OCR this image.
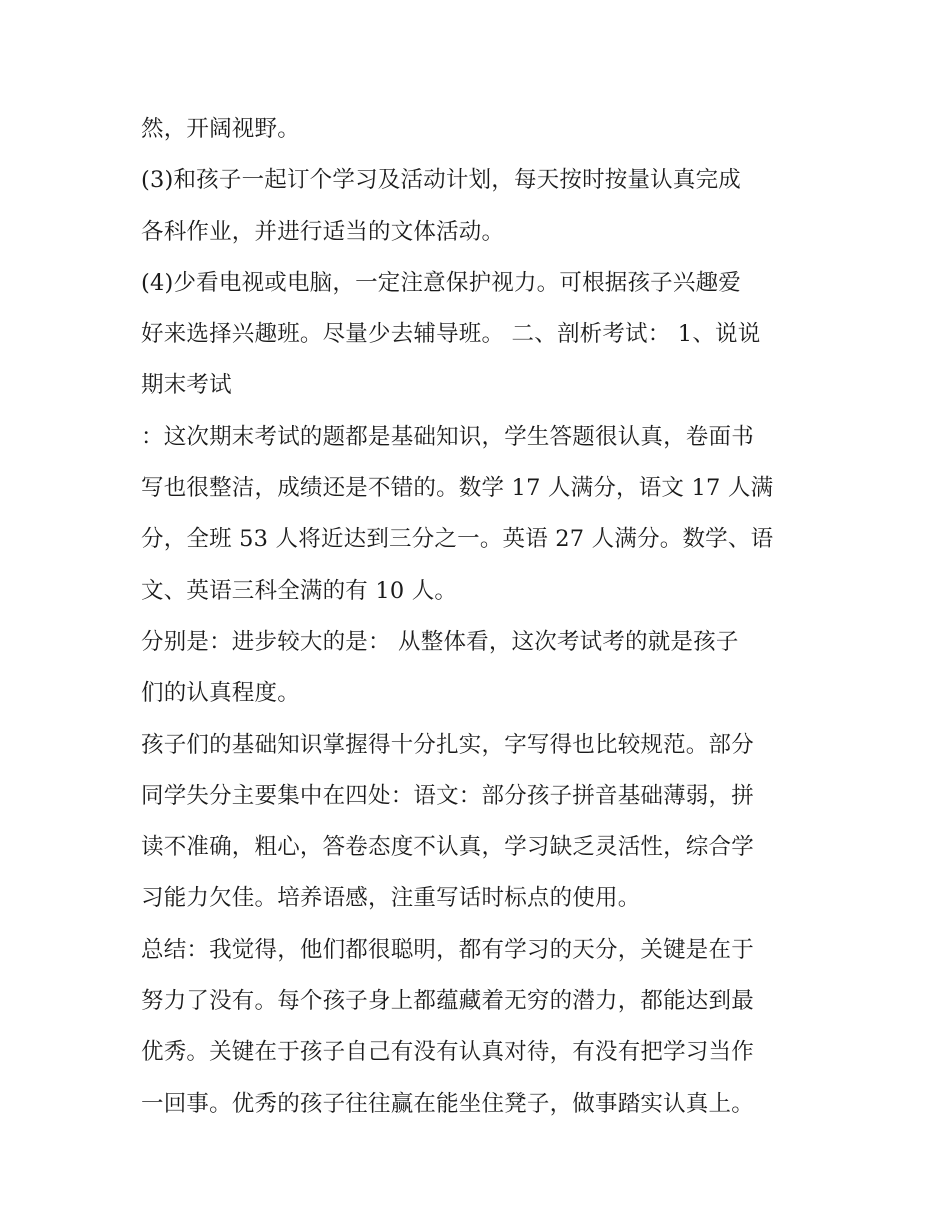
然，开阔视野。
(3)和孩子一起订个学习及活动计划，每天按时按量认真完成
各科作业，并进行适当的文体活动。
(4)少看电视或电脑，一定注意保护视力。可根据孩子兴趣爱
好来选择兴趣班。尽量少去辅导班。 二、剖析考试： 1、说说
期末考试
：这次期末考试的题都是基础知识，学生答题很认真，卷面书
写也很整洁，成绩还是不错的。数学 17 人满分，语文 17 人满
分，全班 53 人将近达到三分之一。英语 27 人满分。数学、语
文、英语三科全满的有 10 人。
分别是：进步较大的是： 从整体看，这次考试考的就是孩子
们的认真程度。
孩子们的基础知识掌握得十分扎实，字写得也比较规范。部分
同学失分主要集中在四处：语文：部分孩子拼音基础薄弱，拼
读不准确，粗心，答卷态度不认真，学习缺乏灵活性，综合学
习能力欠佳。培养语感，注重写话时标点的使用。
总结：我觉得，他们都很聪明，都有学习的天分，关键是在于
努力了没有。每个孩子身上都蕴藏着无穷的潜力，都能达到最
优秀。关键在于孩子自己有没有认真对待，有没有把学习当作
一回事。优秀的孩子往往赢在能坐住凳子，做事踏实认真上。
